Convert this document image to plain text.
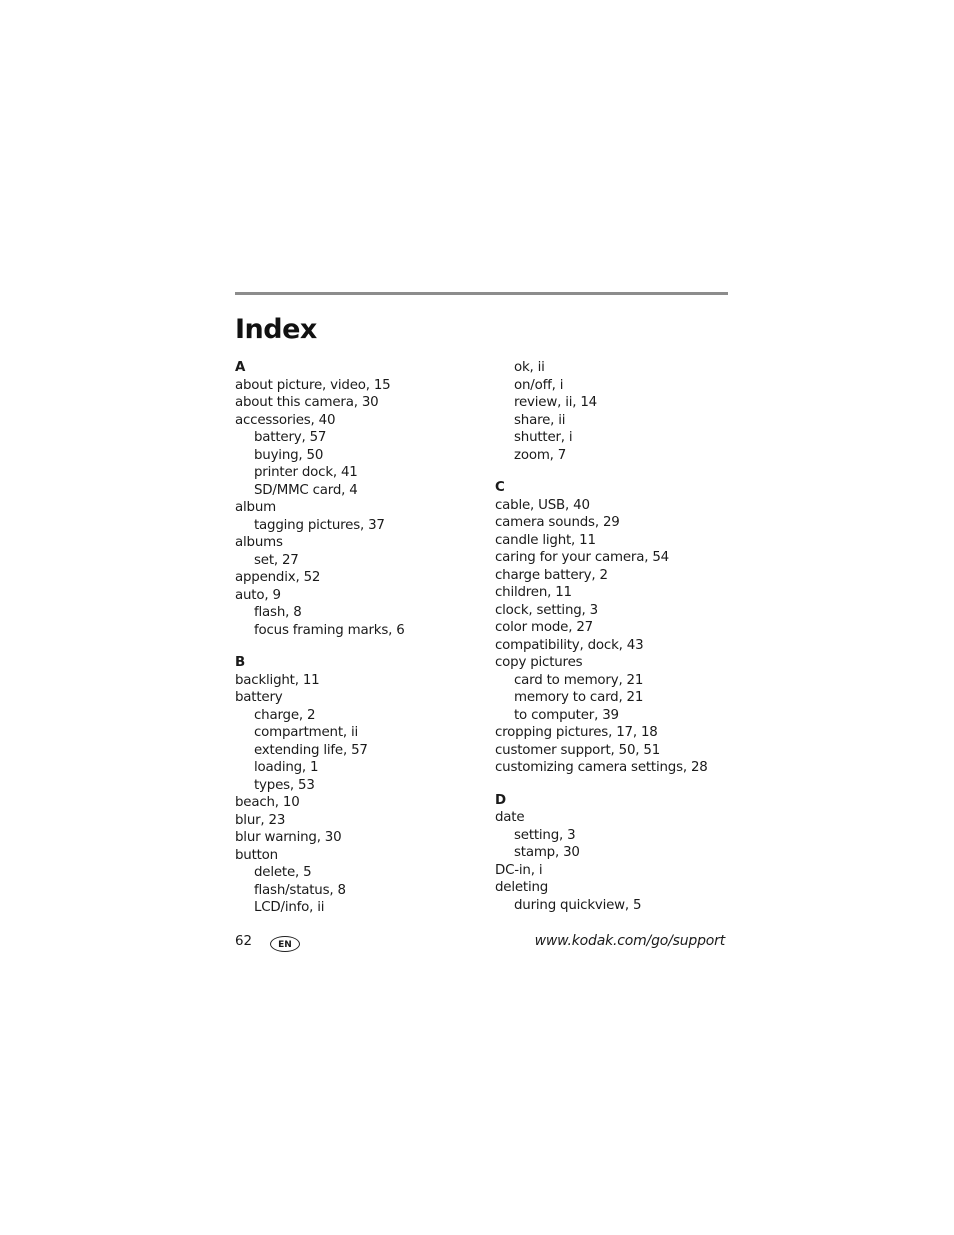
Index
A
about picture, video, 15
about this camera, 30
accessories, 40
battery, 57
buying, 50
printer dock, 41
SD/MMC card, 4
album
tagging pictures, 37
albums
set, 27
appendix, 52
auto, 9
flash, 8
focus framing marks, 6
B
backlight, 11
battery
charge, 2
compartment, ii
extending life, 57
loading, 1
types, 53
beach, 10
blur, 23
blur warning, 30
button
delete, 5
flash/status, 8
LCD/info, ii
ok, ii
on/off, i
review, ii, 14
share, ii
shutter, i
zoom, 7
C
cable, USB, 40
camera sounds, 29
candle light, 11
caring for your camera, 54
charge battery, 2
children, 11
clock, setting, 3
color mode, 27
compatibility, dock, 43
copy pictures
card to memory, 21
memory to card, 21
to computer, 39
cropping pictures, 17, 18
customer support, 50, 51
customizing camera settings, 28
D
date
setting, 3
stamp, 30
DC-in, i
deleting
during quickview, 5
62	EN	www.kodak.com/go/support
